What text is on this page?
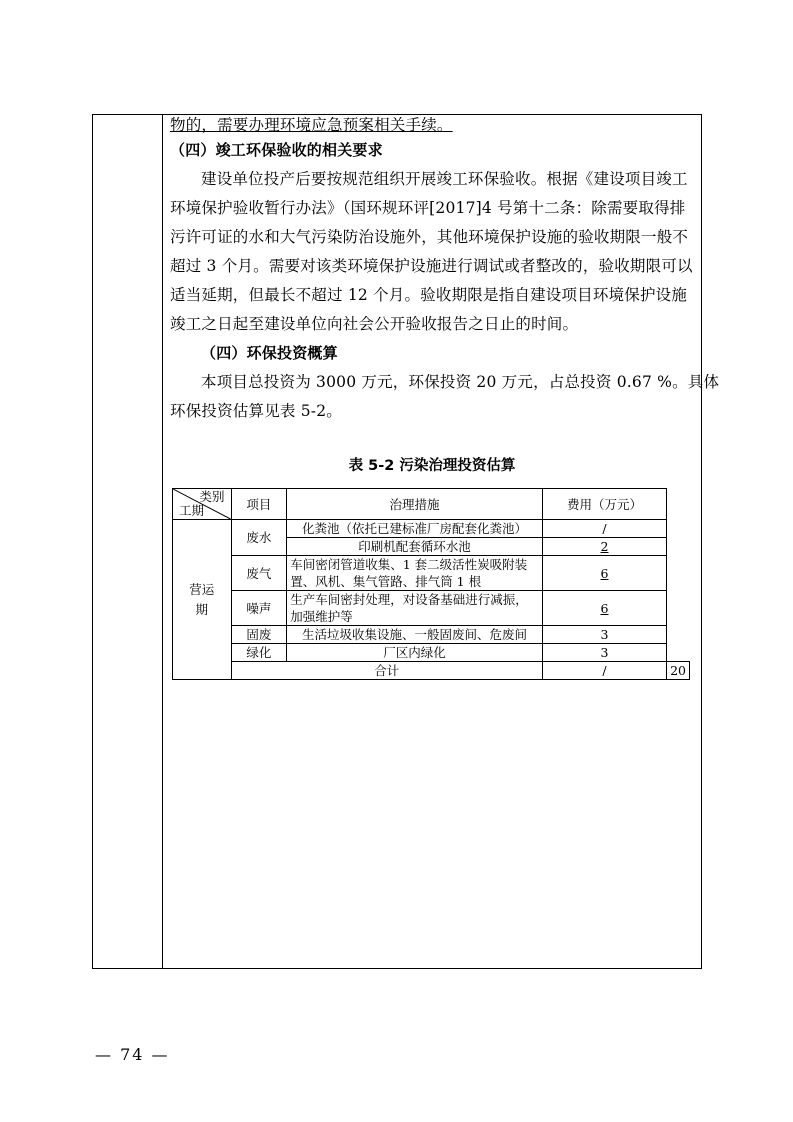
物的，需要办理环境应急预案相关手续。
（四）竣工环保验收的相关要求
建设单位投产后要按规范组织开展竣工环保验收。根据《建设项目竣工
环境保护验收暂行办法》（国环规环评[2017]4 号第十二条：除需要取得排
污许可证的水和大气污染防治设施外，其他环境保护设施的验收期限一般不
超过 3 个月。需要对该类环境保护设施进行调试或者整改的，验收期限可以
适当延期，但最长不超过 12 个月。验收期限是指自建设项目环境保护设施
竣工之日起至建设单位向社会公开验收报告之日止的时间。
（四）环保投资概算
本项目总投资为 3000 万元，环保投资 20 万元，占总投资 0.67 %。具体
环保投资估算见表 5-2。
表 5-2 污染治理投资估算
类别
工期	项目	治理措施	费用（万元）	
营运期	废水	化粪池（依托已建标准厂房配套化粪池）	/	
		印刷机配套循环水池	2	
	废气	车间密闭管道收集、1 套二级活性炭吸附装置、风机、集气管路、排气筒 1 根	6	
	噪声	生产车间密封处理，对设备基础进行减振，加强维护等	6	
	固废	生活垃圾收集设施、一般固废间、危废间	3	
	绿化	厂区内绿化	3	
	合计		/	20
— 74 —
